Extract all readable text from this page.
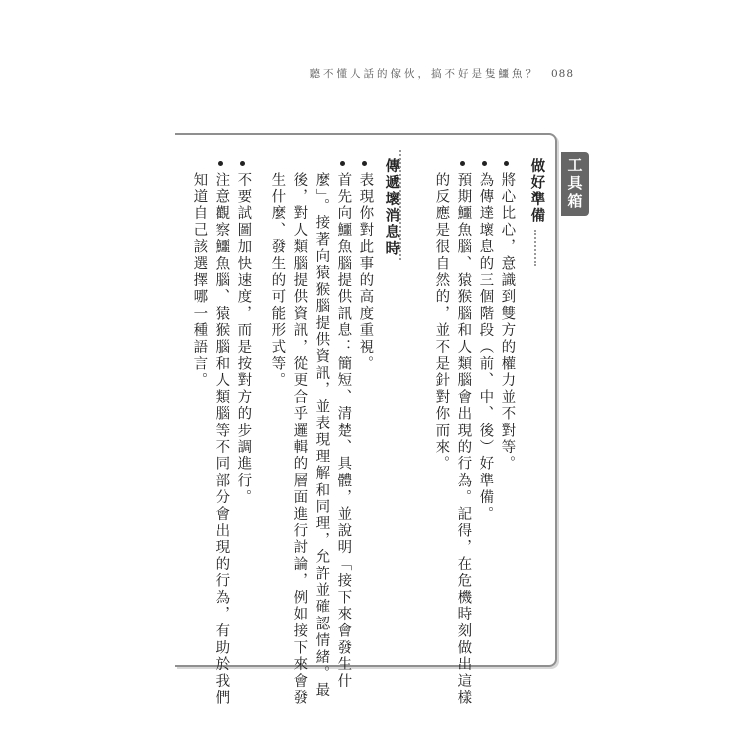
聽不懂人話的傢伙，搞不好是隻鱷魚？ 088
工具箱
做好準備
將心比心，意識到雙方的權力並不對等。
為傳達壞息的三個階段（前、中、後）好準備。
預期鱷魚腦、猿猴腦和人類腦會出現的行為。記得，在危機時刻做出這樣
的反應是很自然的，並不是針對你而來。
傳遞壞消息時
表現你對此事的高度重視。
首先向鱷魚腦提供訊息：簡短、清楚、具體，並說明「接下來會發生什
麼」。接著向猿猴腦提供資訊，並表現理解和同理，允許並確認情緒。最
後，對人類腦提供資訊，從更合乎邏輯的層面進行討論，例如接下來會發
生什麼、發生的可能形式等。
不要試圖加快速度，而是按對方的步調進行。
注意觀察鱷魚腦、猿猴腦和人類腦等不同部分會出現的行為，有助於我們
知道自己該選擇哪一種語言。
